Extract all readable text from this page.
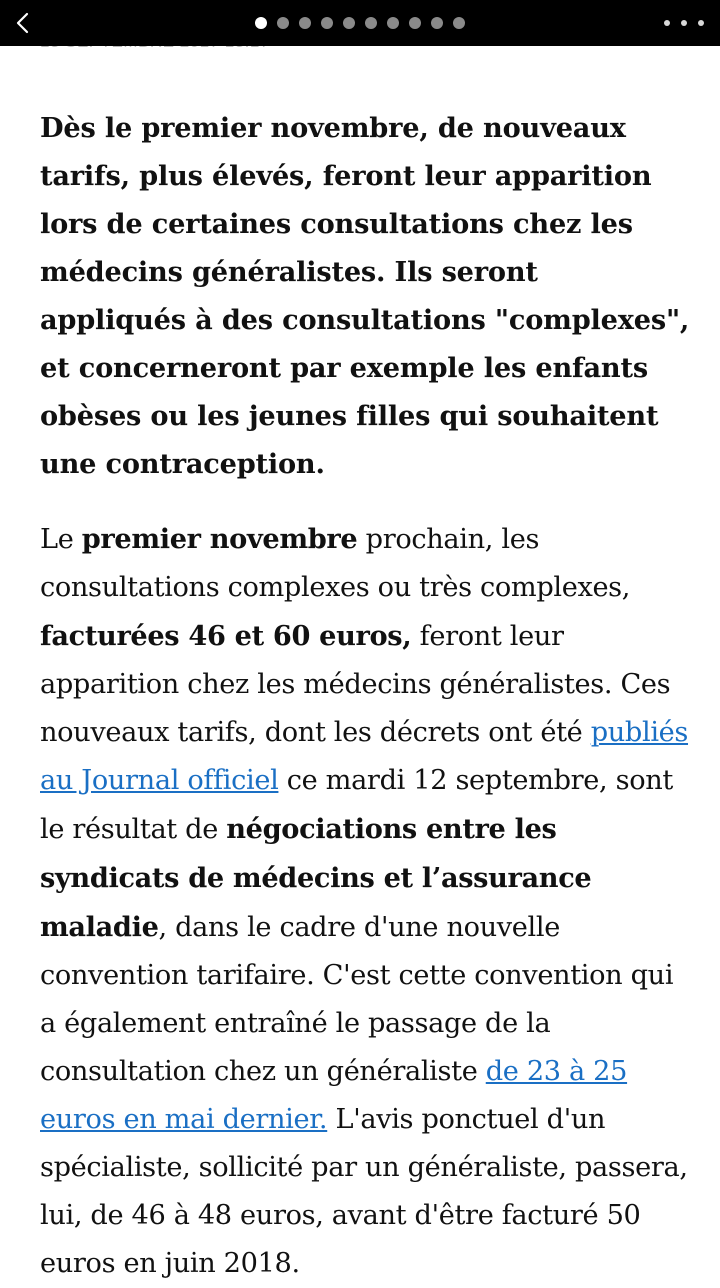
Dès le premier novembre, de nouveaux tarifs, plus élevés, feront leur apparition lors de certaines consultations chez les médecins généralistes. Ils seront appliqués à des consultations "complexes", et concerneront par exemple les enfants obèses ou les jeunes filles qui souhaitent une contraception.

Le premier novembre prochain, les consultations complexes ou très complexes, facturées 46 et 60 euros, feront leur apparition chez les médecins généralistes. Ces nouveaux tarifs, dont les décrets ont été publiés au Journal officiel ce mardi 12 septembre, sont le résultat de négociations entre les syndicats de médecins et l’assurance maladie, dans le cadre d'une nouvelle convention tarifaire. C'est cette convention qui a également entraîné le passage de la consultation chez un généraliste de 23 à 25 euros en mai dernier. L'avis ponctuel d'un spécialiste, sollicité par un généraliste, passera, lui, de 46 à 48 euros, avant d'être facturé 50 euros en juin 2018.
